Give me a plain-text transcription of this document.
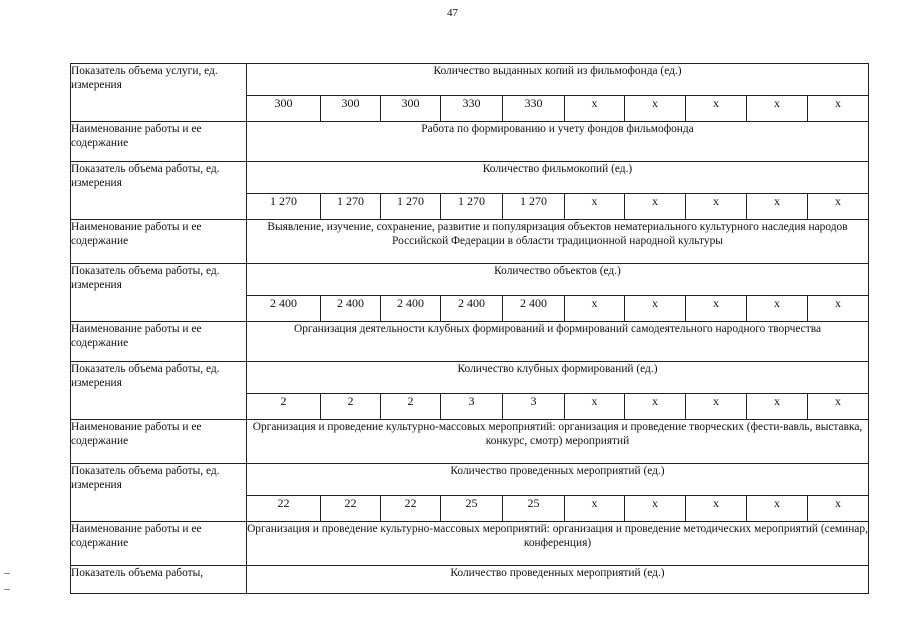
47
Показатель объема услуги, ед. измерения	Количество выданных копий из фильмофонда (ед.)									
	300	300	300	330	330	х	х	х	х	х
Наименование работы и ее содержание	Работа по формированию и учету фондов фильмофонда									
Показатель объема работы, ед. измерения	Количество фильмокопий (ед.)									
	1 270	1 270	1 270	1 270	1 270	х	х	х	х	х
Наименование работы и ее содержание	Выявление, изучение, сохранение, развитие и популяризация объектов нематериального культурного наследия народов Российской Федерации в области традиционной народной культуры									
Показатель объема работы, ед. измерения	Количество объектов (ед.)									
	2 400	2 400	2 400	2 400	2 400	х	х	х	х	х
Наименование работы и ее содержание	Организация деятельности клубных формирований и формирований самодеятельного народного творчества									
Показатель объема работы, ед. измерения	Количество клубных формирований (ед.)									
	2	2	2	3	3	х	х	х	х	х
Наименование работы и ее содержание	Организация и проведение культурно-массовых мероприятий: организация и проведение творческих (фести-вавль, выставка, конкурс, смотр) мероприятий									
Показатель объема работы, ед. измерения	Количество проведенных мероприятий (ед.)									
	22	22	22	25	25	х	х	х	х	х
Наименование работы и ее содержание	Организация и проведение культурно-массовых мероприятий: организация и проведение методических мероприятий (семинар, конференция)									
Показатель объема работы,	Количество проведенных мероприятий (ед.)									
